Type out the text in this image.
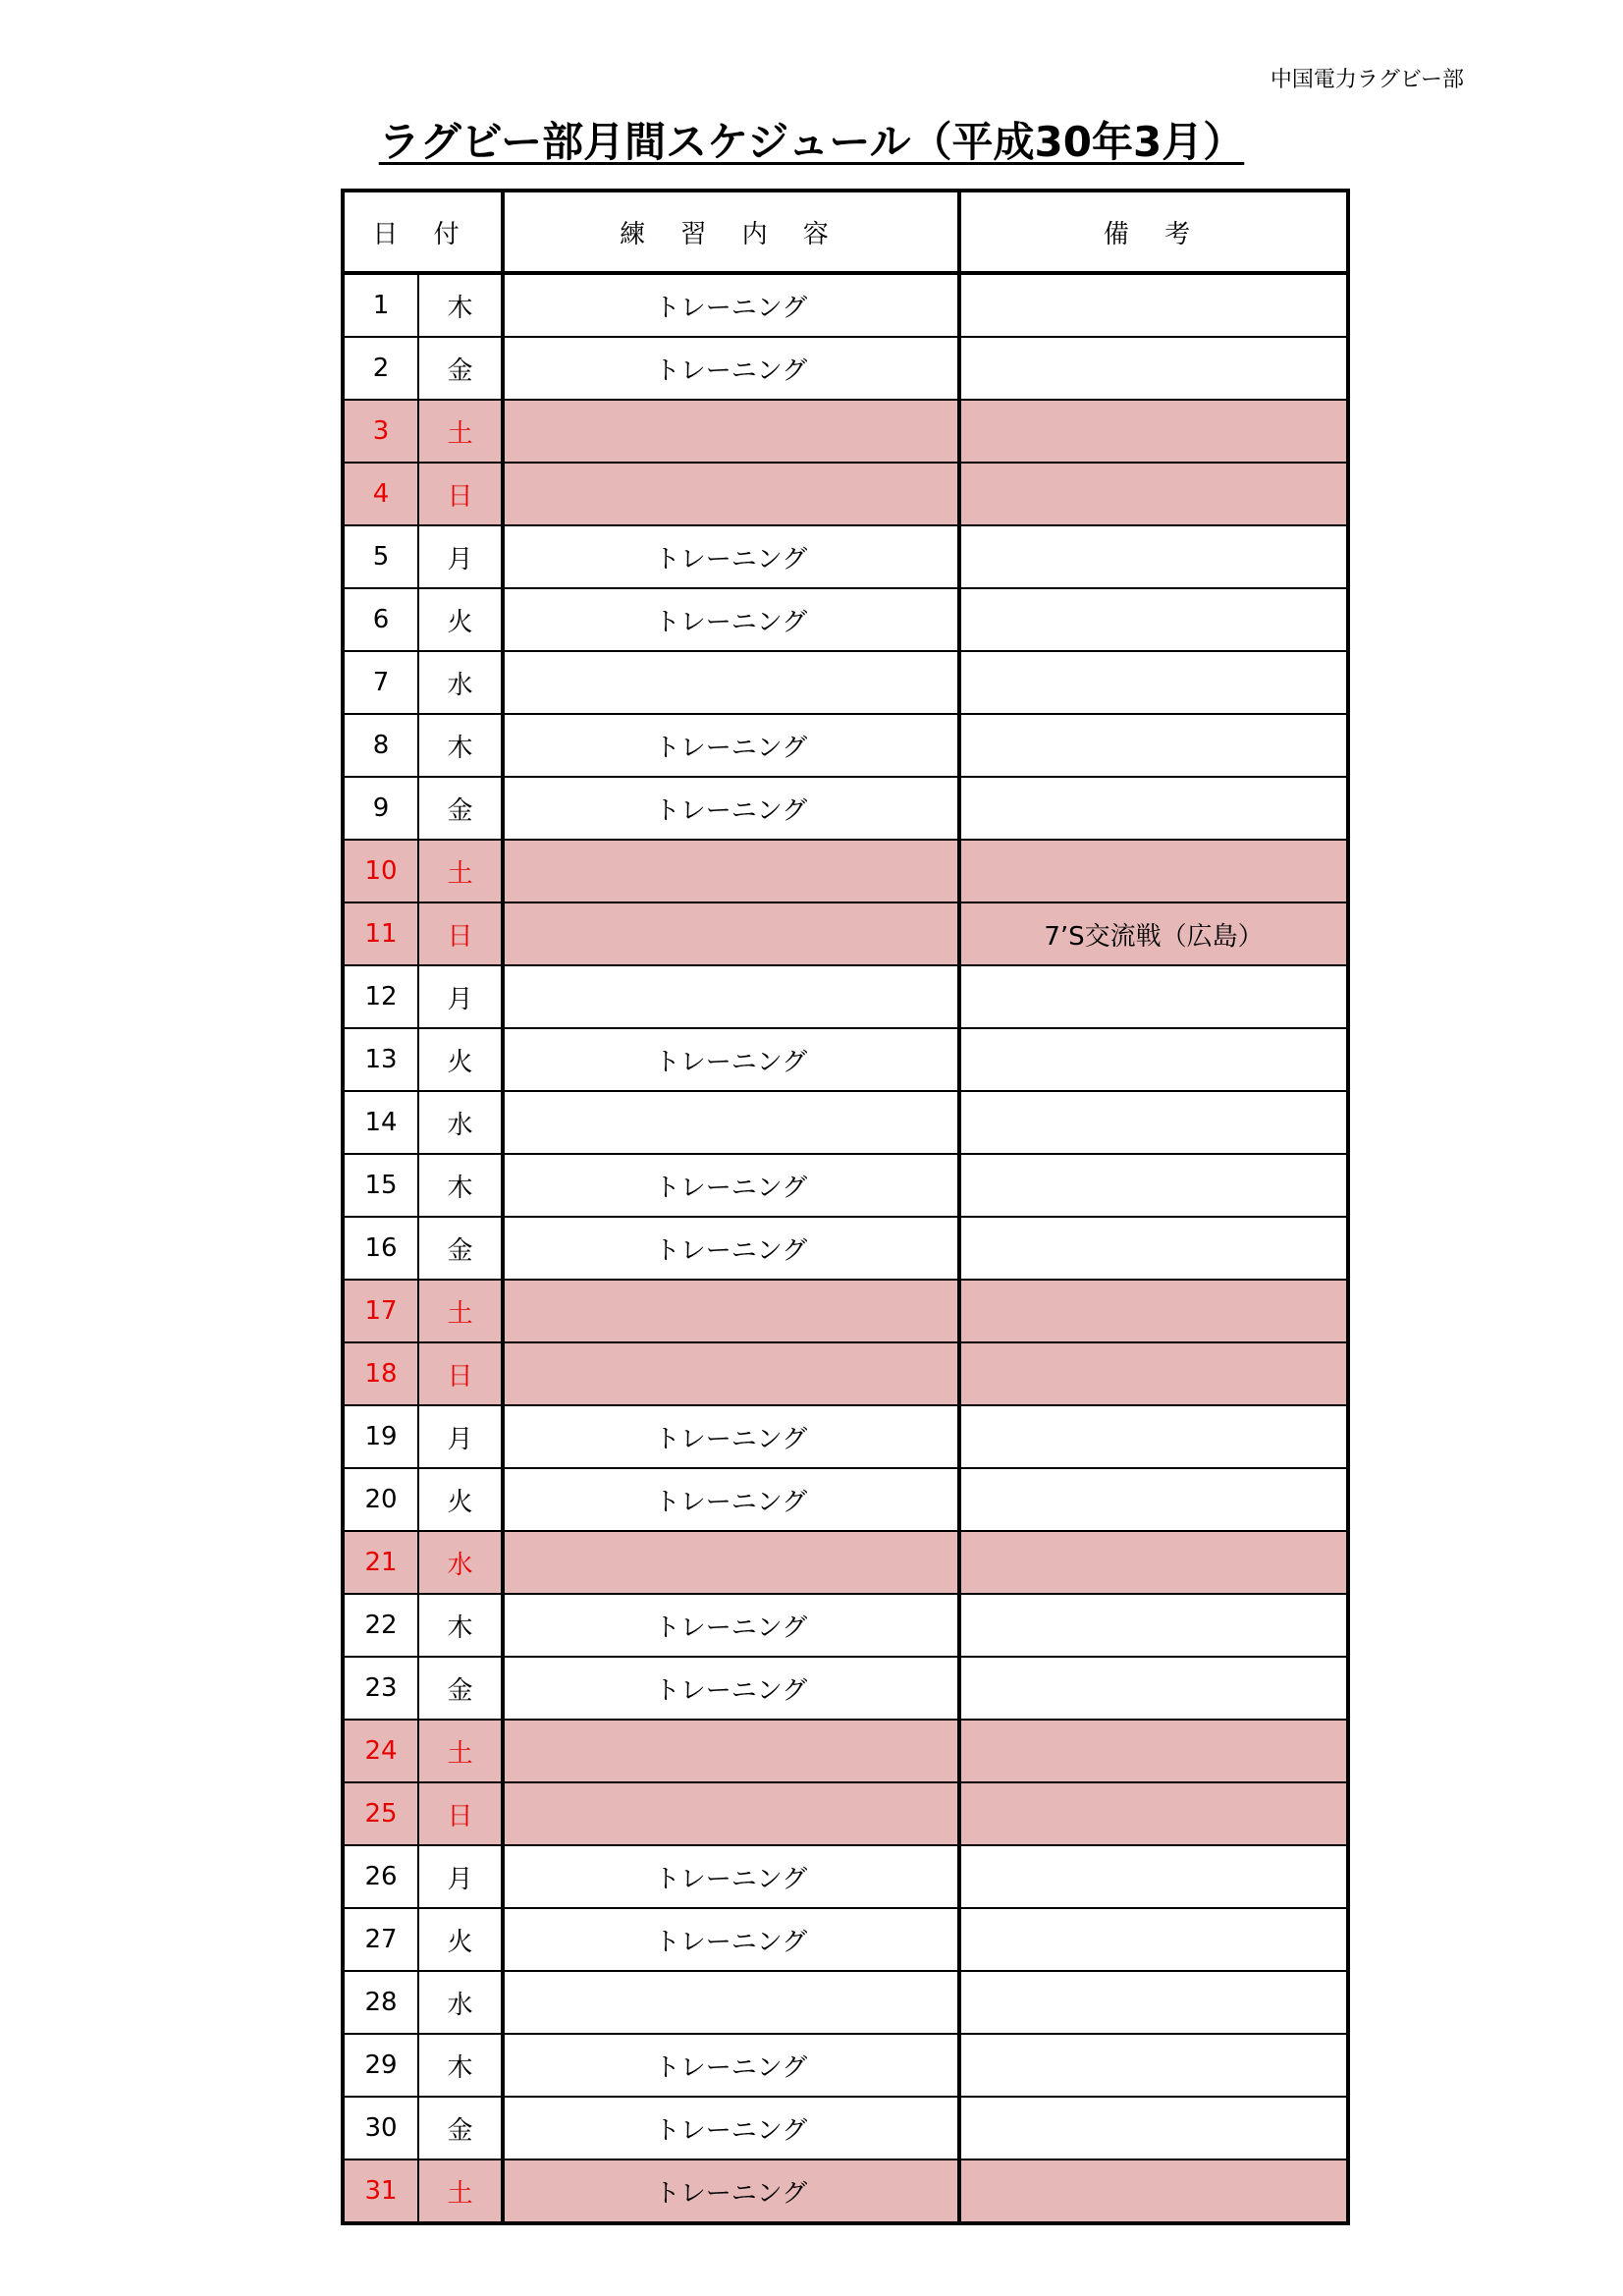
中国電力ラグビー部
ラグビー部月間スケジュール（平成30年3月）
日 付		練 習 内 容	備 考
1	木	トレーニング	
2	金	トレーニング	
3	土		
4	日		
5	月	トレーニング	
6	火	トレーニング	
7	水		
8	木	トレーニング	
9	金	トレーニング	
10	土		
11	日		7’S交流戦（広島）
12	月		
13	火	トレーニング	
14	水		
15	木	トレーニング	
16	金	トレーニング	
17	土		
18	日		
19	月	トレーニング	
20	火	トレーニング	
21	水		
22	木	トレーニング	
23	金	トレーニング	
24	土		
25	日		
26	月	トレーニング	
27	火	トレーニング	
28	水		
29	木	トレーニング	
30	金	トレーニング	
31	土	トレーニング	
